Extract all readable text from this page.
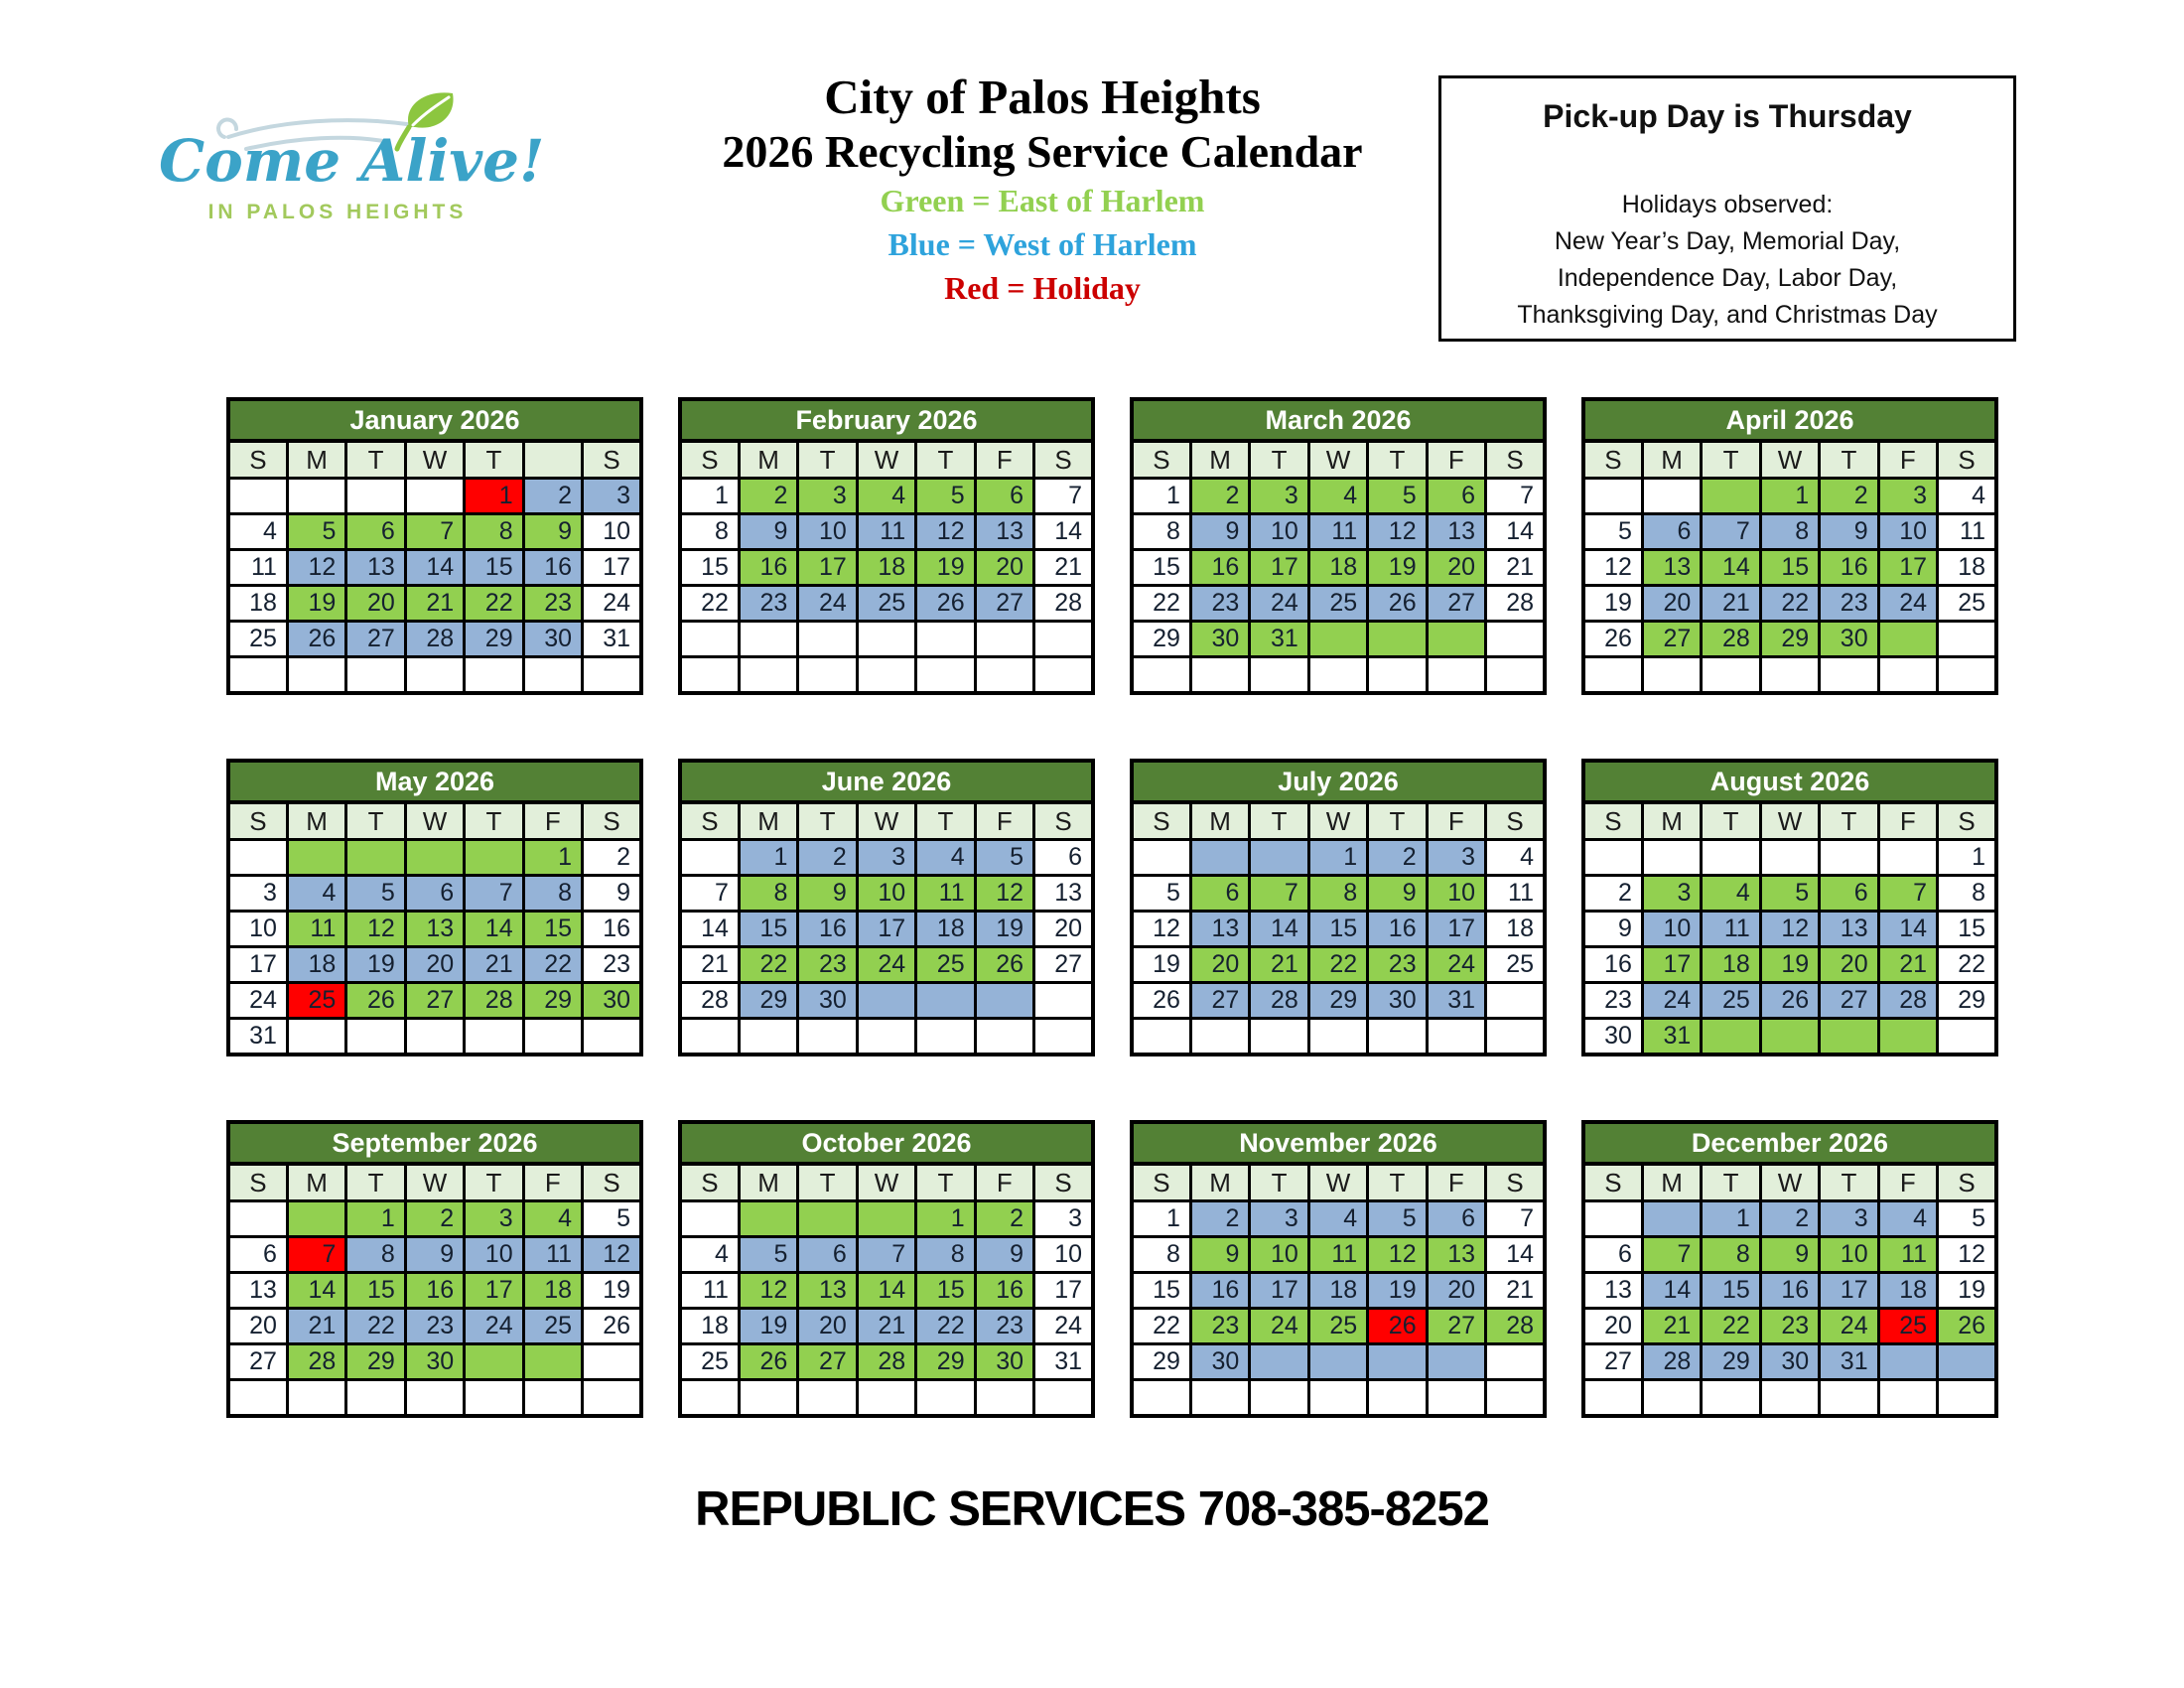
Come Alive!
IN PALOS HEIGHTS
City of Palos Heights
2026 Recycling Service Calendar
Green = East of Harlem
Blue = West of Harlem
Red = Holiday
Pick-up Day is Thursday
Holidays observed:
New Year’s Day, Memorial Day,
Independence Day, Labor Day,
Thanksgiving Day, and Christmas Day
January 2026
S	M	T	W	T		S
				1	2	3
4	5	6	7	8	9	10
11	12	13	14	15	16	17
18	19	20	21	22	23	24
25	26	27	28	29	30	31

February 2026
S	M	T	W	T	F	S
1	2	3	4	5	6	7
8	9	10	11	12	13	14
15	16	17	18	19	20	21
22	23	24	25	26	27	28

March 2026
S	M	T	W	T	F	S
1	2	3	4	5	6	7
8	9	10	11	12	13	14
15	16	17	18	19	20	21
22	23	24	25	26	27	28
29	30	31				

April 2026
S	M	T	W	T	F	S
			1	2	3	4
5	6	7	8	9	10	11
12	13	14	15	16	17	18
19	20	21	22	23	24	25
26	27	28	29	30		

May 2026
S	M	T	W	T	F	S
					1	2
3	4	5	6	7	8	9
10	11	12	13	14	15	16
17	18	19	20	21	22	23
24	25	26	27	28	29	30
31						
June 2026
S	M	T	W	T	F	S
	1	2	3	4	5	6
7	8	9	10	11	12	13
14	15	16	17	18	19	20
21	22	23	24	25	26	27
28	29	30				

July 2026
S	M	T	W	T	F	S
			1	2	3	4
5	6	7	8	9	10	11
12	13	14	15	16	17	18
19	20	21	22	23	24	25
26	27	28	29	30	31	

August 2026
S	M	T	W	T	F	S
						1
2	3	4	5	6	7	8
9	10	11	12	13	14	15
16	17	18	19	20	21	22
23	24	25	26	27	28	29
30	31					
September 2026
S	M	T	W	T	F	S
		1	2	3	4	5
6	7	8	9	10	11	12
13	14	15	16	17	18	19
20	21	22	23	24	25	26
27	28	29	30			

October 2026
S	M	T	W	T	F	S
				1	2	3
4	5	6	7	8	9	10
11	12	13	14	15	16	17
18	19	20	21	22	23	24
25	26	27	28	29	30	31

November 2026
S	M	T	W	T	F	S
1	2	3	4	5	6	7
8	9	10	11	12	13	14
15	16	17	18	19	20	21
22	23	24	25	26	27	28
29	30					

December 2026
S	M	T	W	T	F	S
		1	2	3	4	5
6	7	8	9	10	11	12
13	14	15	16	17	18	19
20	21	22	23	24	25	26
27	28	29	30	31		

REPUBLIC SERVICES 708-385-8252
